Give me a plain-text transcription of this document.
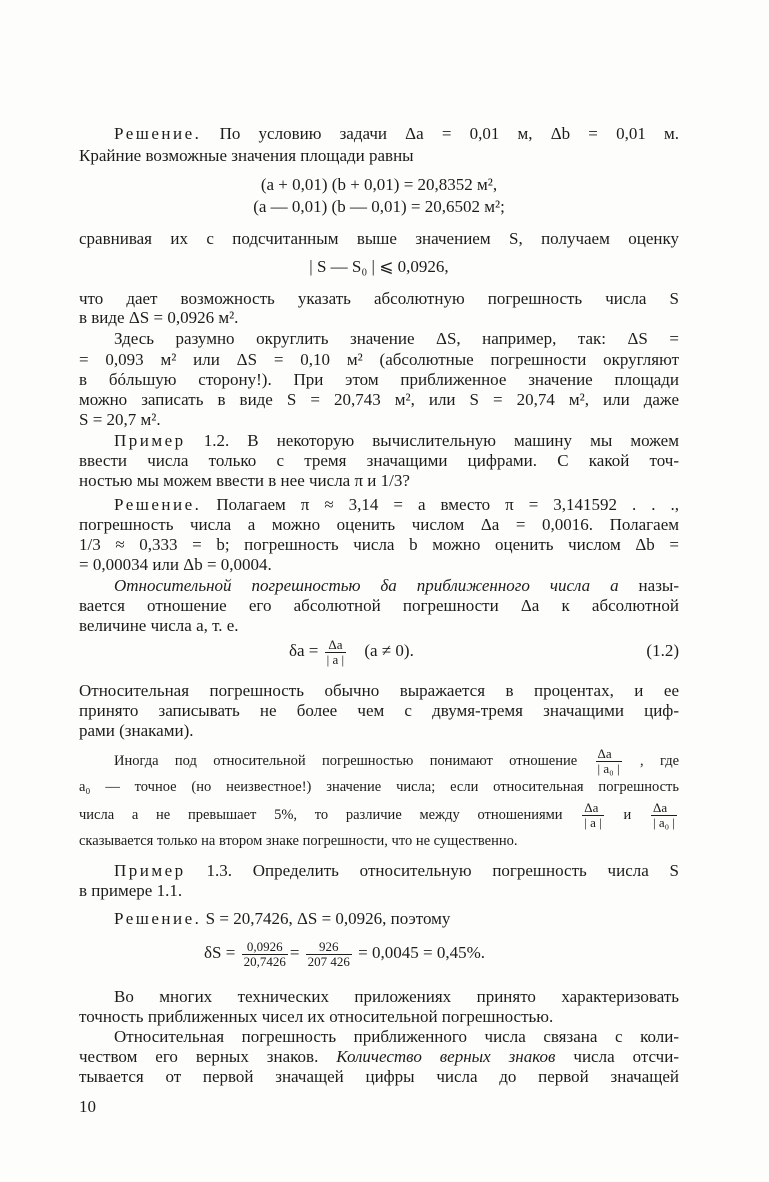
Решение. По условию задачи Δa = 0,01 м, Δb = 0,01 м.
Крайние возможные значения площади равны
(a + 0,01) (b + 0,01) = 20,8352 м²,
(a — 0,01) (b — 0,01) = 20,6502 м²;
сравнивая их с подсчитанным выше значением S, получаем оценку
| S — S₀ | ⩽ 0,0926,
что дает возможность указать абсолютную погрешность числа S
в виде ΔS = 0,0926 м².
Здесь разумно округлить значение ΔS, например, так: ΔS =
= 0,093 м² или ΔS = 0,10 м² (абсолютные погрешности округляют
в бóльшую сторону!). При этом приближенное значение площади
можно записать в виде S = 20,743 м², или S = 20,74 м², или даже
S = 20,7 м².
Пример 1.2. В некоторую вычислительную машину мы можем
ввести числа только с тремя значащими цифрами. С какой точ-
ностью мы можем ввести в нее числа π и 1/3?
Решение. Полагаем π ≈ 3,14 = a вместо π = 3,141592 . . .,
погрешность числа a можно оценить числом Δa = 0,0016. Полагаем
1/3 ≈ 0,333 = b; погрешность числа b можно оценить числом Δb =
= 0,00034 или Δb = 0,0004.
Относительной погрешностью δa приближенного числа a назы-
вается отношение его абсолютной погрешности Δa к абсолютной
величине числа a, т. е.
$\delta a = \frac{\Delta a}{| a |} (a \ne 0)$.	(1.2)
Относительная погрешность обычно выражается в процентах, и ее
принято записывать не более чем с двумя-тремя значащими циф-
рами (знаками).
Иногда под относительной погрешностью понимают отношение $\frac{\Delta a}{\text{| a₀ |}}$ , где
a₀ — точное (но неизвестное!) значение числа; если относительная погрешность
числа a не превышает 5%, то различие между отношениями $\frac{\Delta a}{| a |}$ и $\frac{\Delta a}{\text{| a₀ |}}$
сказывается только на втором знаке погрешности, что не существенно.
Пример 1.3. Определить относительную погрешность числа S
в примере 1.1.
Решение. S = 20,7426, ΔS = 0,0926, поэтому
$\delta S = \frac{0,0926}{20,7426} = \frac{926}{207 426} = 0,0045 = 0,45\%$.
Во многих технических приложениях принято характеризовать
точность приближенных чисел их относительной погрешностью.
Относительная погрешность приближенного числа связана с коли-
чеством его верных знаков. Количество верных знаков числа отсчи-
тывается от первой значащей цифры числа до первой значащей
10
